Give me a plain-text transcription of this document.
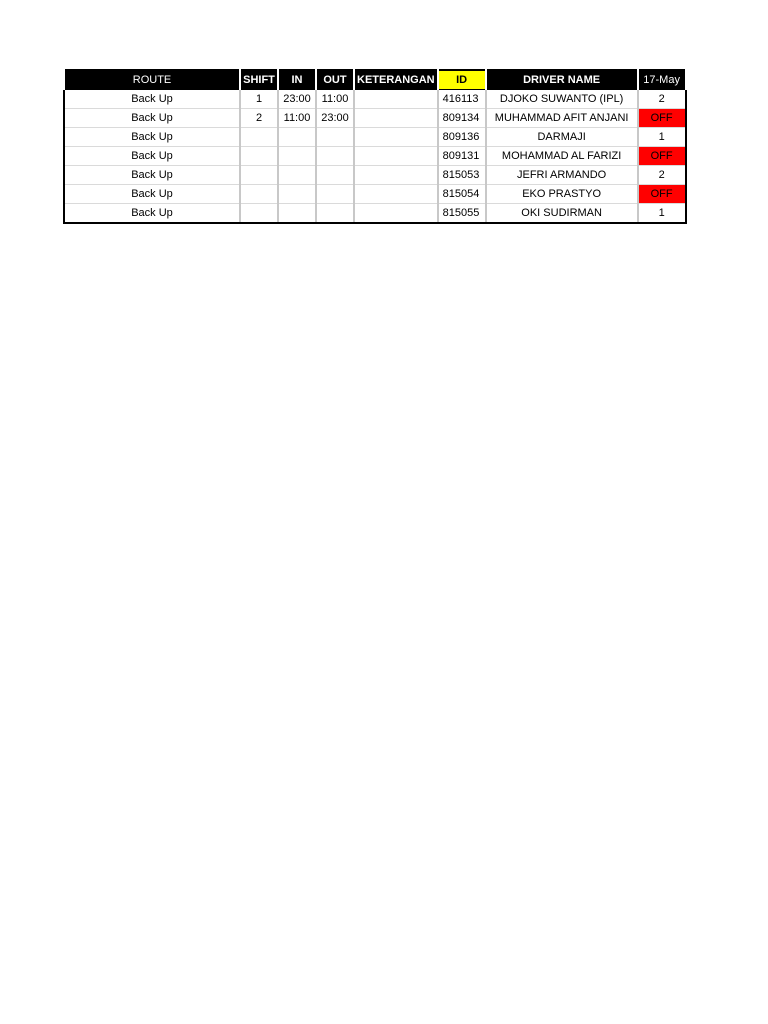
ROUTE	SHIFT	IN	OUT	KETERANGAN	ID	DRIVER NAME	17-May
Back Up	1	23:00	11:00		416113	DJOKO SUWANTO (IPL)	2
Back Up	2	11:00	23:00		809134	MUHAMMAD AFIT ANJANI	OFF
Back Up					809136	DARMAJI	1
Back Up					809131	MOHAMMAD AL FARIZI	OFF
Back Up					815053	JEFRI ARMANDO	2
Back Up					815054	EKO PRASTYO	OFF
Back Up					815055	OKI SUDIRMAN	1
